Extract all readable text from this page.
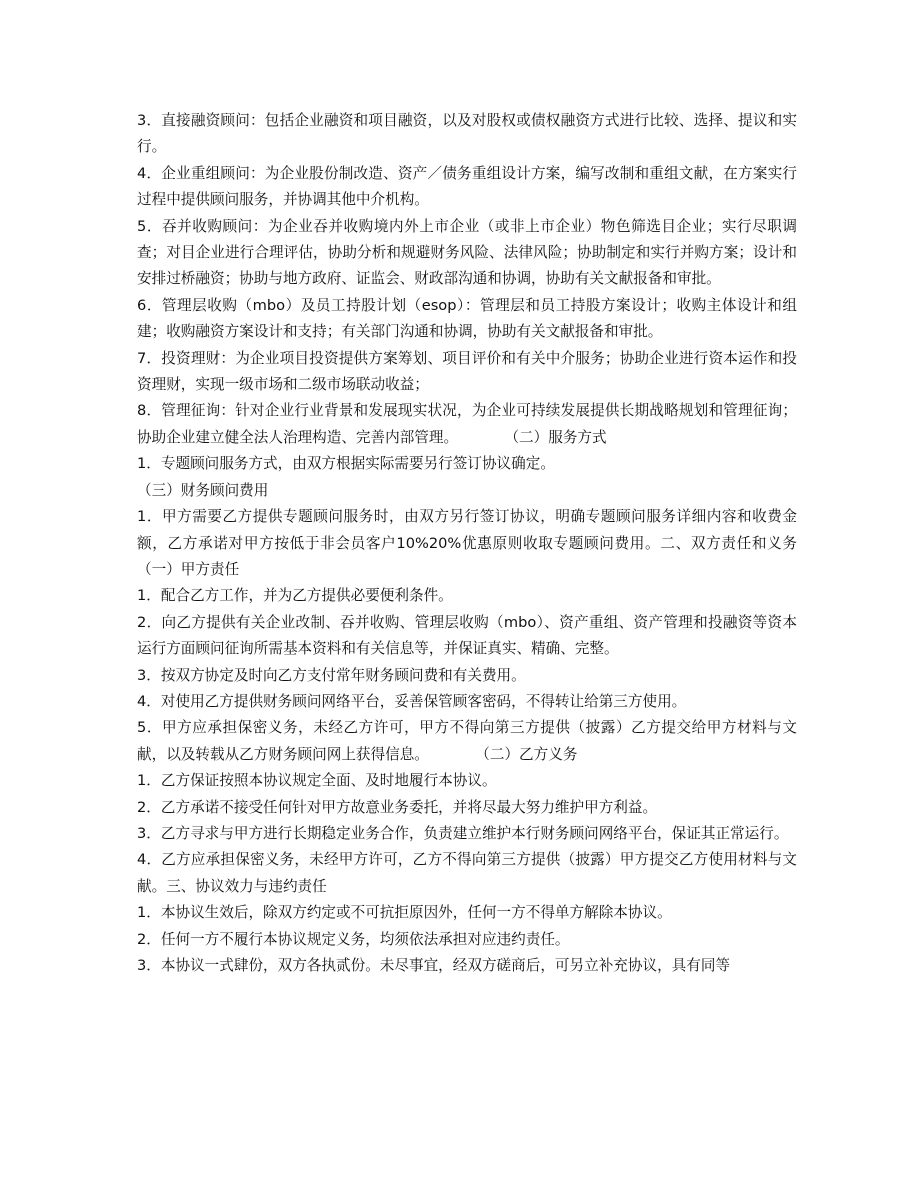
3．直接融资顾问：包括企业融资和项目融资，以及对股权或债权融资方式进行比较、选择、提议和实行。

4．企业重组顾问：为企业股份制改造、资产／债务重组设计方案，编写改制和重组文献，在方案实行过程中提供顾问服务，并协调其他中介机构。

5．吞并收购顾问：为企业吞并收购境内外上市企业（或非上市企业）物色筛选目企业；实行尽职调查；对目企业进行合理评估，协助分析和规避财务风险、法律风险；协助制定和实行并购方案；设计和安排过桥融资；协助与地方政府、证监会、财政部沟通和协调，协助有关文献报备和审批。

6．管理层收购（mbo）及员工持股计划（esop）：管理层和员工持股方案设计；收购主体设计和组建；收购融资方案设计和支持；有关部门沟通和协调，协助有关文献报备和审批。

7．投资理财：为企业项目投资提供方案筹划、项目评价和有关中介服务；协助企业进行资本运作和投资理财，实现一级市场和二级市场联动收益；

8．管理征询：针对企业行业背景和发展现实状况，为企业可持续发展提供长期战略规划和管理征询；协助企业建立健全法人治理构造、完善内部管理。          （二）服务方式

1．专题顾问服务方式，由双方根据实际需要另行签订协议确定。

（三）财务顾问费用

1．甲方需要乙方提供专题顾问服务时，由双方另行签订协议，明确专题顾问服务详细内容和收费金额，乙方承诺对甲方按低于非会员客户10%20%优惠原则收取专题顾问费用。二、双方责任和义务          （一）甲方责任

1．配合乙方工作，并为乙方提供必要便利条件。

2．向乙方提供有关企业改制、吞并收购、管理层收购（mbo）、资产重组、资产管理和投融资等资本运行方面顾问征询所需基本资料和有关信息等，并保证真实、精确、完整。

3．按双方协定及时向乙方支付常年财务顾问费和有关费用。

4．对使用乙方提供财务顾问网络平台，妥善保管顾客密码，不得转让给第三方使用。

5．甲方应承担保密义务，未经乙方许可，甲方不得向第三方提供（披露）乙方提交给甲方材料与文献，以及转载从乙方财务顾问网上获得信息。          （二）乙方义务

1．乙方保证按照本协议规定全面、及时地履行本协议。

2．乙方承诺不接受任何针对甲方故意业务委托，并将尽最大努力维护甲方利益。

3．乙方寻求与甲方进行长期稳定业务合作，负责建立维护本行财务顾问网络平台，保证其正常运行。

4．乙方应承担保密义务，未经甲方许可，乙方不得向第三方提供（披露）甲方提交乙方使用材料与文献。三、协议效力与违约责任

1．本协议生效后，除双方约定或不可抗拒原因外，任何一方不得单方解除本协议。

2．任何一方不履行本协议规定义务，均须依法承担对应违约责任。

3．本协议一式肆份，双方各执贰份。未尽事宜，经双方磋商后，可另立补充协议，具有同等
